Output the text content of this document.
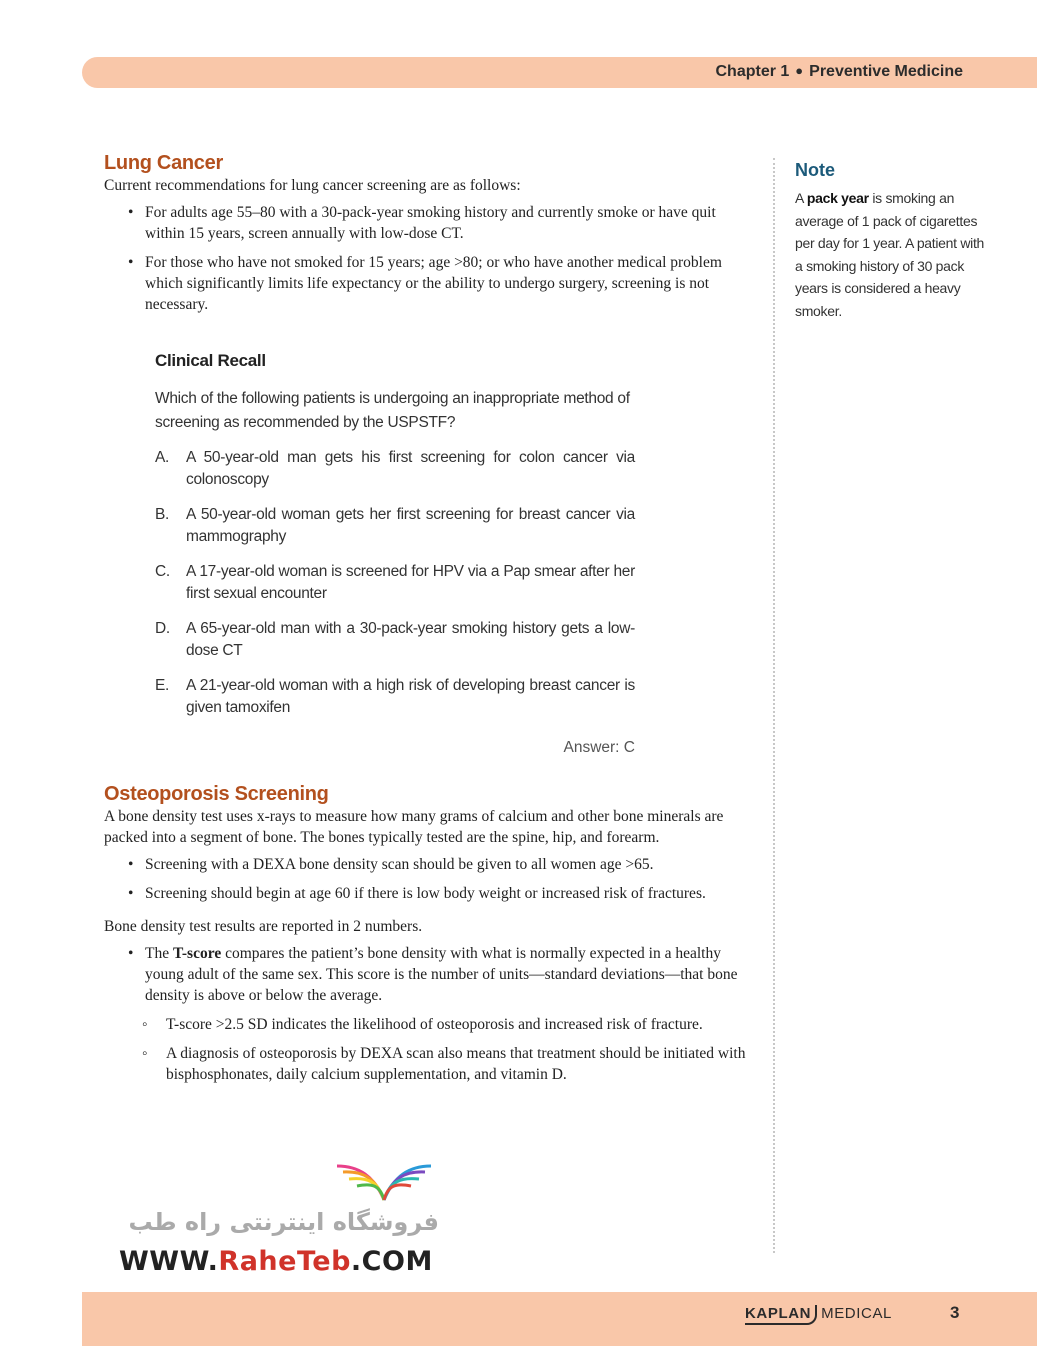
Chapter 1 ● Preventive Medicine
Lung Cancer

Current recommendations for lung cancer screening are as follows:

• For adults age 55–80 with a 30-pack-year smoking history and currently smoke or have quit within 15 years, screen annually with low-dose CT.
• For those who have not smoked for 15 years; age >80; or who have another medical problem which significantly limits life expectancy or the ability to undergo surgery, screening is not necessary.
Clinical Recall
Which of the following patients is undergoing an inappropriate method of screening as recommended by the USPSTF?
A.	A 50-year-old man gets his first screening for colon cancer via colonoscopy
B.	A 50-year-old woman gets her first screening for breast cancer via mammography
C.	A 17-year-old woman is screened for HPV via a Pap smear after her first sexual encounter
D.	A 65-year-old man with a 30-pack-year smoking history gets a low-dose CT
E.	A 21-year-old woman with a high risk of developing breast cancer is given tamoxifen
Answer: C
Osteoporosis Screening

A bone density test uses x-rays to measure how many grams of calcium and other bone minerals are packed into a segment of bone. The bones typically tested are the spine, hip, and forearm.

• Screening with a DEXA bone density scan should be given to all women age >65.
• Screening should begin at age 60 if there is low body weight or increased risk of fractures.

Bone density test results are reported in 2 numbers.

• The T-score compares the patient’s bone density with what is normally expected in a healthy young adult of the same sex. This score is the number of units—standard deviations—that bone density is above or below the average.
◦ T-score >2.5 SD indicates the likelihood of osteoporosis and increased risk of fracture.
◦ A diagnosis of osteoporosis by DEXA scan also means that treatment should be initiated with bisphosphonates, daily calcium supplementation, and vitamin D.
Note

A pack year is smoking an average of 1 pack of cigarettes per day for 1 year. A patient with a smoking history of 30 pack years is considered a heavy smoker.

فروشگاه اینترنتی راه طب
WWW.RaheTeb.COM
KAPLAN MEDICAL	3
